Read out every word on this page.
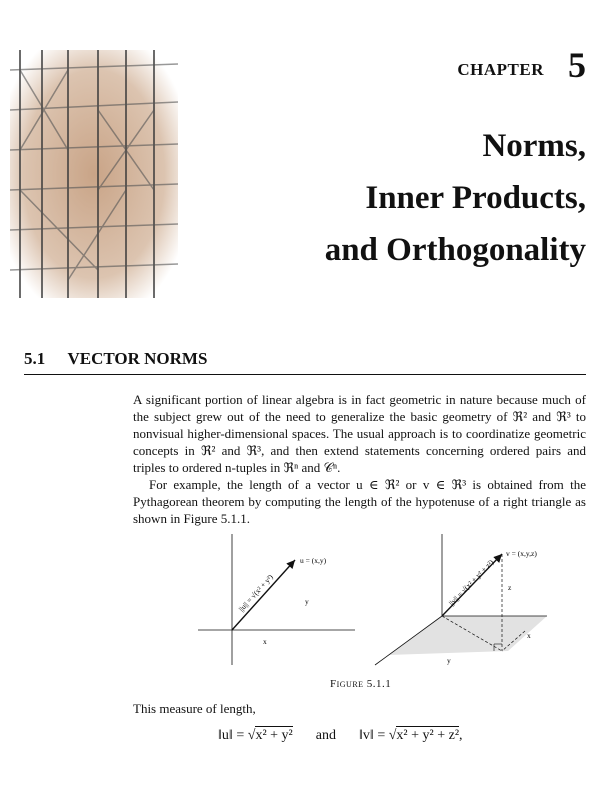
CHAPTER 5
Norms,
Inner Products,
and Orthogonality
5.1 VECTOR NORMS

A significant portion of linear algebra is in fact geometric in nature because much of the subject grew out of the need to generalize the basic geometry of ℜ² and ℜ³ to nonvisual higher-dimensional spaces. The usual approach is to coordinatize geometric concepts in ℜ² and ℜ³, and then extend statements concerning ordered pairs and triples to ordered n-tuples in ℜⁿ and 𝒞ⁿ.

For example, the length of a vector u ∈ ℜ² or v ∈ ℜ³ is obtained from the Pythagorean theorem by computing the length of the hypotenuse of a right triangle as shown in Figure 5.1.1.

u = (x,y)
||u|| = √(x² + y²)	y
x
v = (x,y,z)
||v|| = √(x² + y² + z²) z
x
y
Figure 5.1.1
This measure of length,
‖u‖ = √x² + y² and ‖v‖ = √x² + y² + z²,
